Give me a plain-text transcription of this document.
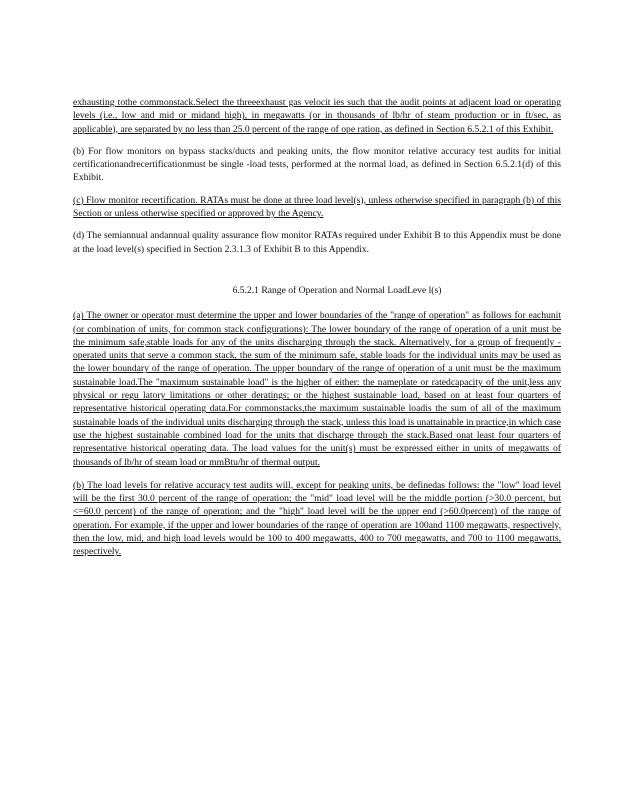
exhausting tothe commonstack.Select the threeexhaust gas velocit ies such that the audit points at adjacent load or operating levels (i.e., low and mid or midand high), in megawatts (or in thousands of lb/hr of steam production or in ft/sec, as applicable), are separated by no less than 25.0 percent of the range of ope ration, as defined in Section 6.5.2.1 of this Exhibit.

(b) For flow monitors on bypass stacks/ducts and peaking units, the flow monitor relative accuracy test audits for initial certificationandrecertificationmust be single -load tests, performed at the normal load, as defined in Section 6.5.2.1(d) of this Exhibit.

(c) Flow monitor recertification. RATAs must be done at three load level(s), unless otherwise specified in paragraph (b) of this Section or unless otherwise specified or approved by the Agency.

(d) The semiannual andannual quality assurance flow monitor RATAs required under Exhibit B to this Appendix must be done at the load level(s) specified in Section 2.3.1.3 of Exhibit B to this Appendix.

6.5.2.1 Range of Operation and Normal LoadLeve l(s)

(a) The owner or operator must determine the upper and lower boundaries of the "range of operation" as follows for eachunit (or combination of units, for common stack configurations): The lower boundary of the range of operation of a unit must be the minimum safe,stable loads for any of the units discharging through the stack. Alternatively, for a group of frequently -operated units that serve a common stack, the sum of the minimum safe, stable loads for the individual units may be used as the lower boundary of the range of operation. The upper boundary of the range of operation of a unit must be the maximum sustainable load.The "maximum sustainable load" is the higher of either: the nameplate or ratedcapacity of the unit,less any physical or regu latory limitations or other deratings; or the highest sustainable load, based on at least four quarters of representative historical operating data.For commonstacks,the maximum sustainable loadis the sum of all of the maximum sustainable loads of the individual units discharging through the stack, unless this load is unattainable in practice,in which case use the highest sustainable combined load for the units that discharge through the stack.Based onat least four quarters of representative historical operating data. The load values for the unit(s) must be expressed either in units of megawatts of thousands of lb/hr of steam load or mmBtu/hr of thermal output.

(b) The load levels for relative accuracy test audits will, except for peaking units, be definedas follows: the "low" load level will be the first 30.0 percent of the range of operation; the "mid" load level will be the middle portion (>30.0 percent, but <=60.0 percent) of the range of operation; and the "high" load level will be the upper end (>60.0percent) of the range of operation. For example, if the upper and lower boundaries of the range of operation are 100and 1100 megawatts, respectively, then the low, mid, and high load levels would be 100 to 400 megawatts, 400 to 700 megawatts, and 700 to 1100 megawatts, respectively.
